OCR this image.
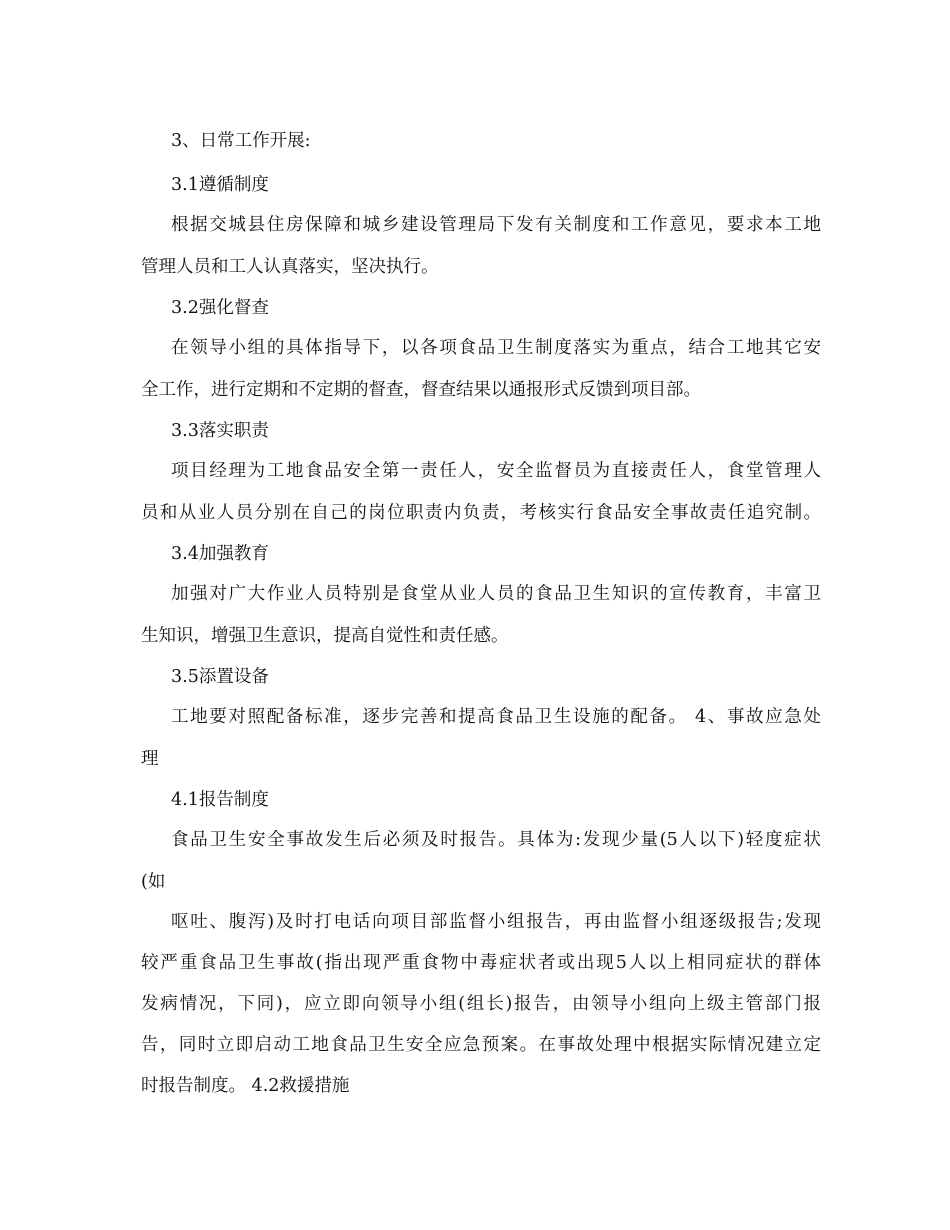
3、日常工作开展:
3.1遵循制度
根据交城县住房保障和城乡建设管理局下发有关制度和工作意见，要求本工地
管理人员和工人认真落实，坚决执行。
3.2强化督查
在领导小组的具体指导下，以各项食品卫生制度落实为重点，结合工地其它安
全工作，进行定期和不定期的督查，督查结果以通报形式反馈到项目部。
3.3落实职责
项目经理为工地食品安全第一责任人，安全监督员为直接责任人，食堂管理人
员和从业人员分别在自己的岗位职责内负责，考核实行食品安全事故责任追究制。
3.4加强教育
加强对广大作业人员特别是食堂从业人员的食品卫生知识的宣传教育，丰富卫
生知识，增强卫生意识，提高自觉性和责任感。
3.5添置设备
工地要对照配备标准，逐步完善和提高食品卫生设施的配备。 4、事故应急处
理
4.1报告制度
食品卫生安全事故发生后必须及时报告。具体为:发现少量(5人以下)轻度症状
(如
呕吐、腹泻)及时打电话向项目部监督小组报告，再由监督小组逐级报告;发现
较严重食品卫生事故(指出现严重食物中毒症状者或出现5人以上相同症状的群体
发病情况，下同)，应立即向领导小组(组长)报告，由领导小组向上级主管部门报
告，同时立即启动工地食品卫生安全应急预案。在事故处理中根据实际情况建立定
时报告制度。 4.2救援措施
